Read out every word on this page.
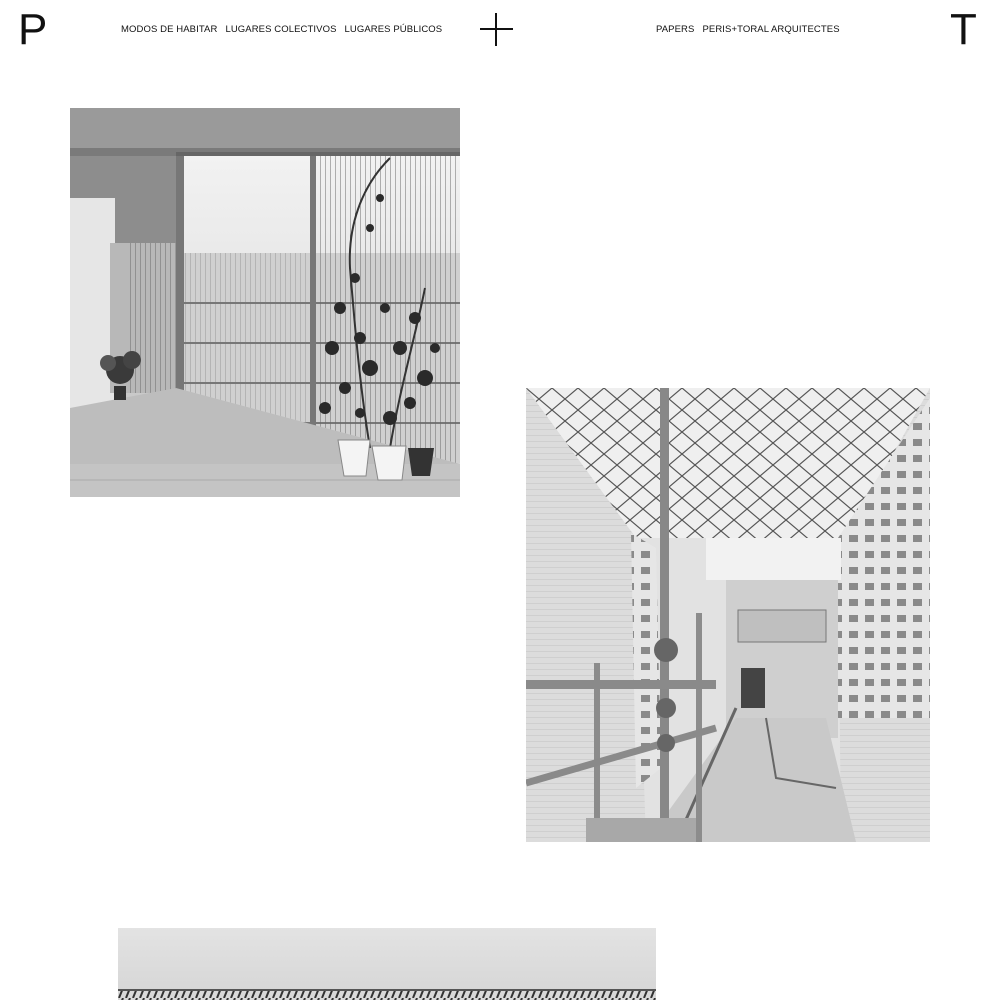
P	MODOS DE HABITAR LUGARES COLECTIVOS LUGARES PÚBLICOS	PAPERS PERIS+TORAL ARQUITECTES	T
